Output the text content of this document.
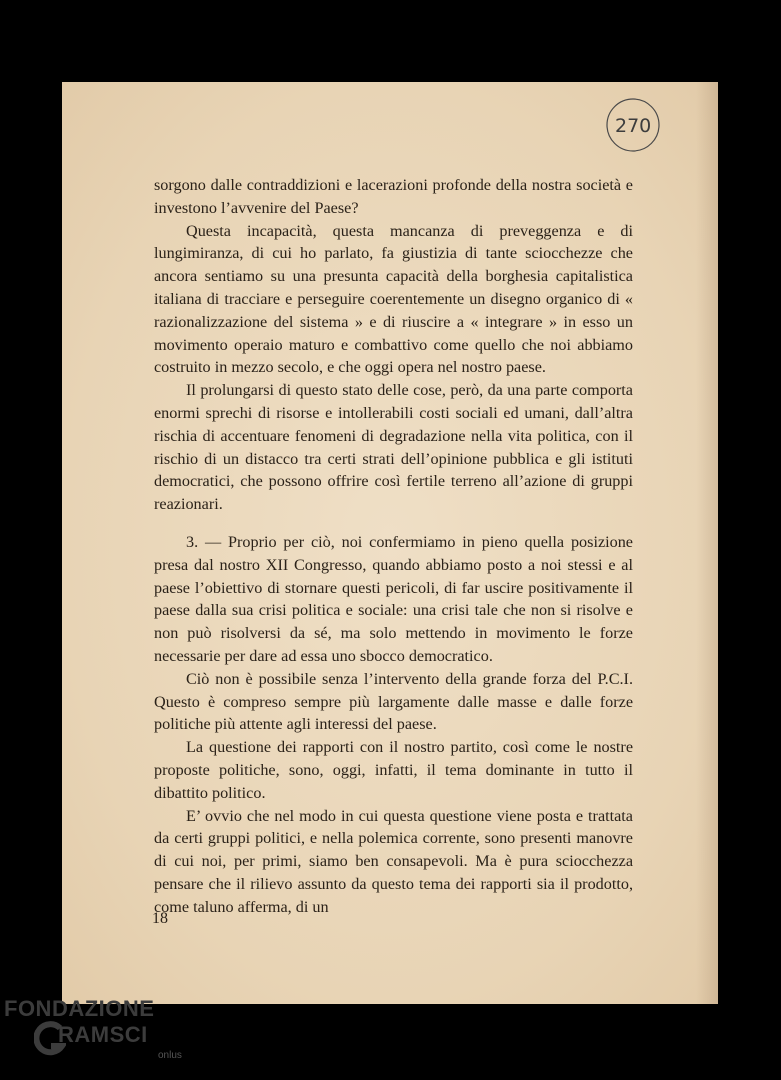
270

sorgono dalle contraddizioni e lacerazioni profonde della nostra società e investono l’avvenire del Paese?

Questa incapacità, questa mancanza di preveggenza e di lungimiranza, di cui ho parlato, fa giustizia di tante sciocchezze che ancora sentiamo su una presunta capacità della borghesia capitalistica italiana di tracciare e perseguire coerentemente un disegno organico di « razionalizzazione del sistema » e di riuscire a « integrare » in esso un movimento operaio maturo e combattivo come quello che noi abbiamo costruito in mezzo secolo, e che oggi opera nel nostro paese.

Il prolungarsi di questo stato delle cose, però, da una parte comporta enormi sprechi di risorse e intollerabili costi sociali ed umani, dall’altra rischia di accentuare fenomeni di degradazione nella vita politica, con il rischio di un distacco tra certi strati dell’opinione pubblica e gli istituti democratici, che possono offrire così fertile terreno all’azione di gruppi reazionari.

3. — Proprio per ciò, noi confermiamo in pieno quella posizione presa dal nostro XII Congresso, quando abbiamo posto a noi stessi e al paese l’obiettivo di stornare questi pericoli, di far uscire positivamente il paese dalla sua crisi politica e sociale: una crisi tale che non si risolve e non può risolversi da sé, ma solo mettendo in movimento le forze necessarie per dare ad essa uno sbocco democratico.

Ciò non è possibile senza l’intervento della grande forza del P.C.I. Questo è compreso sempre più largamente dalle masse e dalle forze politiche più attente agli interessi del paese.

La questione dei rapporti con il nostro partito, così come le nostre proposte politiche, sono, oggi, infatti, il tema dominante in tutto il dibattito politico.

E’ ovvio che nel modo in cui questa questione viene posta e trattata da certi gruppi politici, e nella polemica corrente, sono presenti manovre di cui noi, per primi, siamo ben consapevoli. Ma è pura sciocchezza pensare che il rilievo assunto da questo tema dei rapporti sia il prodotto, come taluno afferma, di un

18
FONDAZIONE
RAMSCI
onlus
